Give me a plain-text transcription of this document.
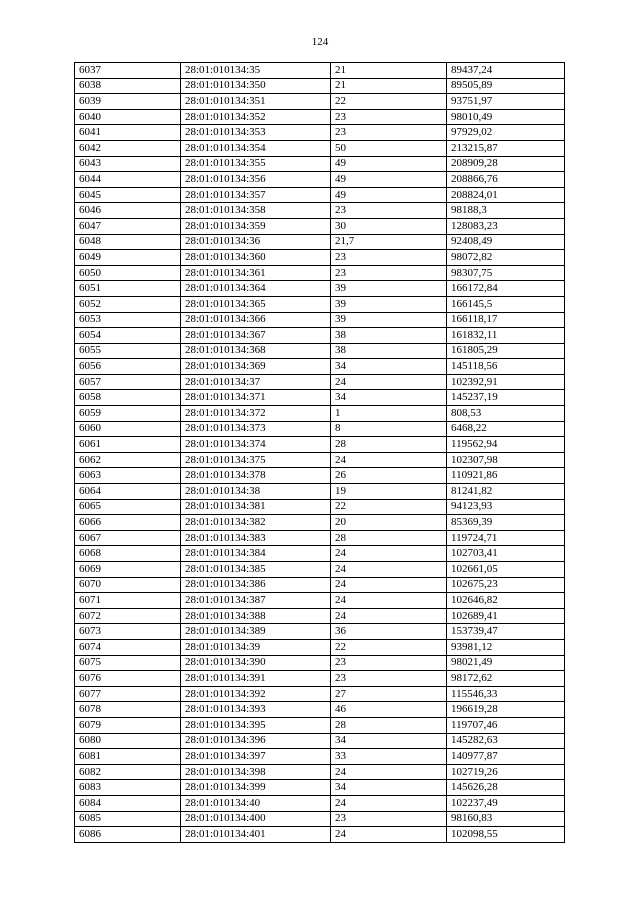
124
6037	28:01:010134:35	21	89437,24
6038	28:01:010134:350	21	89505,89
6039	28:01:010134:351	22	93751,97
6040	28:01:010134:352	23	98010,49
6041	28:01:010134:353	23	97929,02
6042	28:01:010134:354	50	213215,87
6043	28:01:010134:355	49	208909,28
6044	28:01:010134:356	49	208866,76
6045	28:01:010134:357	49	208824,01
6046	28:01:010134:358	23	98188,3
6047	28:01:010134:359	30	128083,23
6048	28:01:010134:36	21,7	92408,49
6049	28:01:010134:360	23	98072,82
6050	28:01:010134:361	23	98307,75
6051	28:01:010134:364	39	166172,84
6052	28:01:010134:365	39	166145,5
6053	28:01:010134:366	39	166118,17
6054	28:01:010134:367	38	161832,11
6055	28:01:010134:368	38	161805,29
6056	28:01:010134:369	34	145118,56
6057	28:01:010134:37	24	102392,91
6058	28:01:010134:371	34	145237,19
6059	28:01:010134:372	1	808,53
6060	28:01:010134:373	8	6468,22
6061	28:01:010134:374	28	119562,94
6062	28:01:010134:375	24	102307,98
6063	28:01:010134:378	26	110921,86
6064	28:01:010134:38	19	81241,82
6065	28:01:010134:381	22	94123,93
6066	28:01:010134:382	20	85369,39
6067	28:01:010134:383	28	119724,71
6068	28:01:010134:384	24	102703,41
6069	28:01:010134:385	24	102661,05
6070	28:01:010134:386	24	102675,23
6071	28:01:010134:387	24	102646,82
6072	28:01:010134:388	24	102689,41
6073	28:01:010134:389	36	153739,47
6074	28:01:010134:39	22	93981,12
6075	28:01:010134:390	23	98021,49
6076	28:01:010134:391	23	98172,62
6077	28:01:010134:392	27	115546,33
6078	28:01:010134:393	46	196619,28
6079	28:01:010134:395	28	119707,46
6080	28:01:010134:396	34	145282,63
6081	28:01:010134:397	33	140977,87
6082	28:01:010134:398	24	102719,26
6083	28:01:010134:399	34	145626,28
6084	28:01:010134:40	24	102237,49
6085	28:01:010134:400	23	98160,83
6086	28:01:010134:401	24	102098,55
